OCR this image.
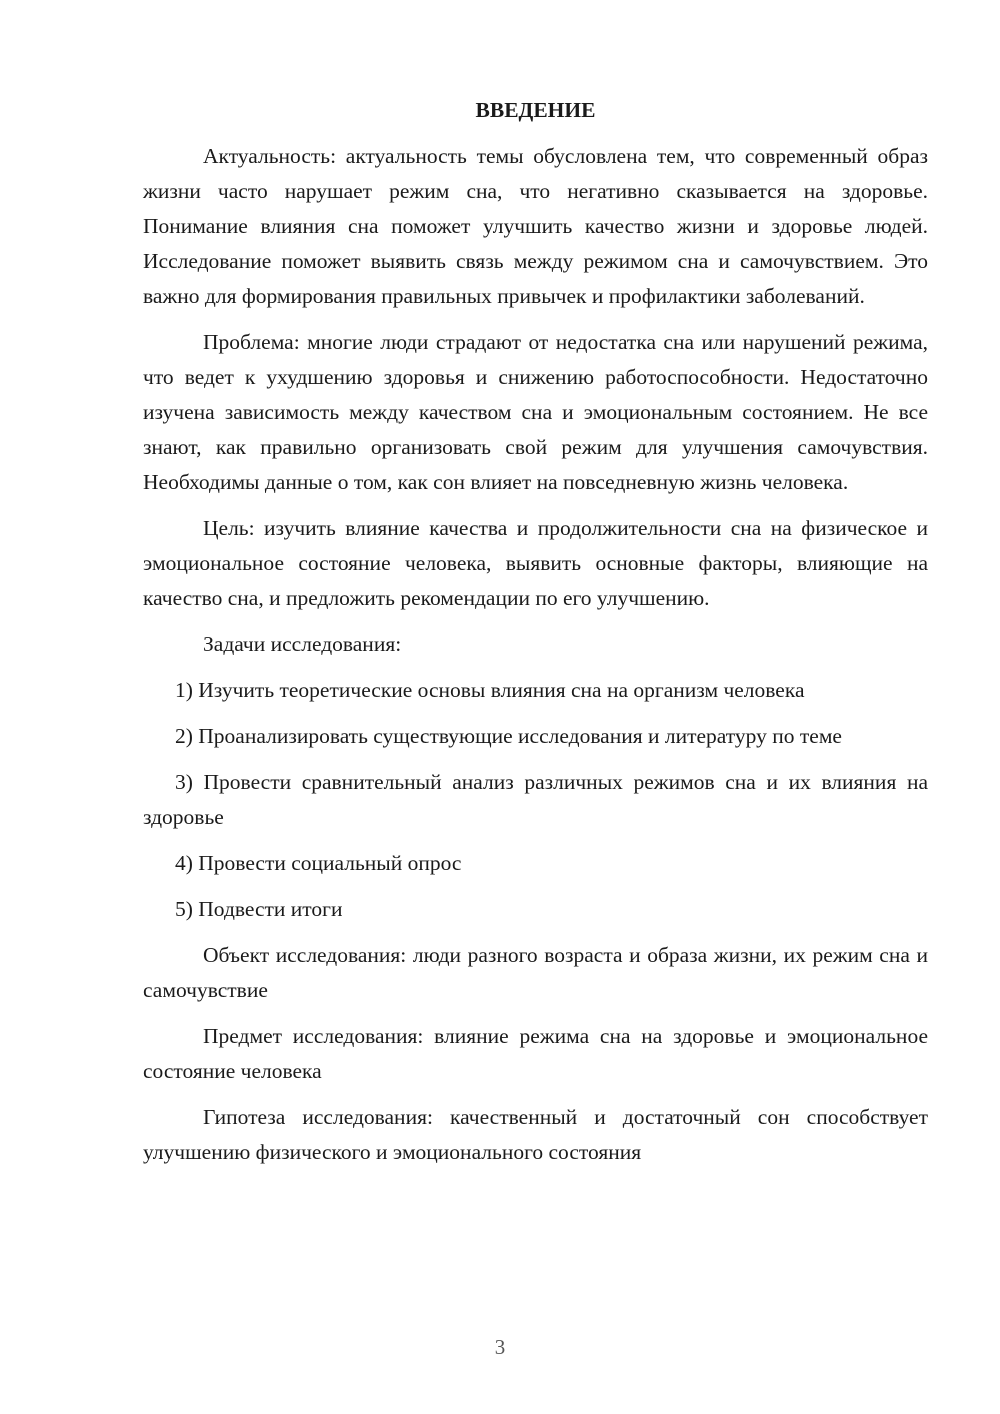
ВВЕДЕНИЕ

Актуальность: актуальность темы обусловлена тем, что современный образ жизни часто нарушает режим сна, что негативно сказывается на здоровье. Понимание влияния сна поможет улучшить качество жизни и здоровье людей. Исследование поможет выявить связь между режимом сна и самочувствием. Это важно для формирования правильных привычек и профилактики заболеваний.

Проблема: многие люди страдают от недостатка сна или нарушений режима, что ведет к ухудшению здоровья и снижению работоспособности. Недостаточно изучена зависимость между качеством сна и эмоциональным состоянием. Не все знают, как правильно организовать свой режим для улучшения самочувствия. Необходимы данные о том, как сон влияет на повседневную жизнь человека.

Цель: изучить влияние качества и продолжительности сна на физическое и эмоциональное состояние человека, выявить основные факторы, влияющие на качество сна, и предложить рекомендации по его улучшению.

Задачи исследования:

1) Изучить теоретические основы влияния сна на организм человека

2) Проанализировать существующие исследования и литературу по теме

3) Провести сравнительный анализ различных режимов сна и их влияния на здоровье

4) Провести социальный опрос

5) Подвести итоги

Объект исследования: люди разного возраста и образа жизни, их режим сна и самочувствие

Предмет исследования: влияние режима сна на здоровье и эмоциональное состояние человека

Гипотеза исследования: качественный и достаточный сон способствует улучшению физического и эмоционального состояния

3
